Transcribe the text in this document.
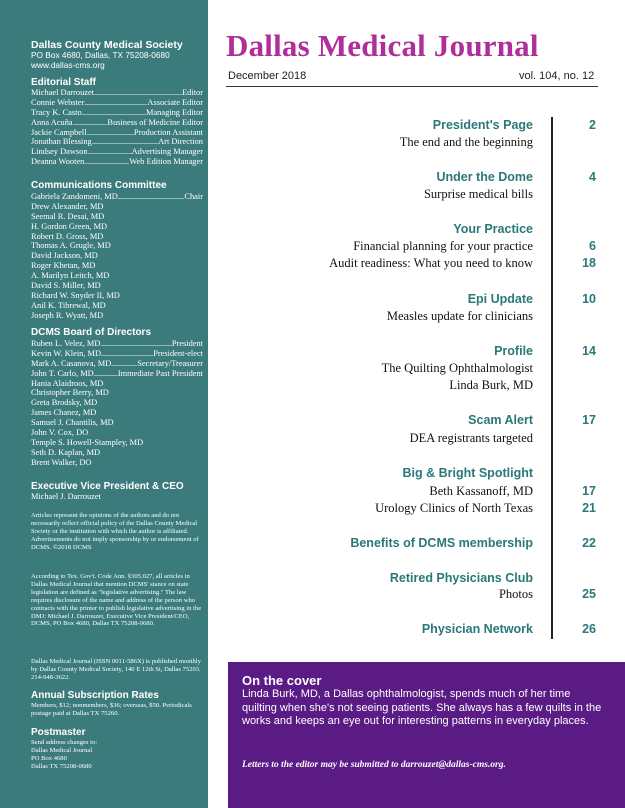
Dallas County Medical Society
PO Box 4680, Dallas, TX 75208-0680
www.dallas-cms.org
Editorial Staff
Michael Darrouzet .....	Editor
Connie Webster .....	Associate Editor
Tracy K. Casto .....	Managing Editor
Anna Acuña .....	Business of Medicine Editor
Jackie Campbell .....	Production Assistant
Jonathan Blessing .....	Art Direction
Lindsey Dawson .....	Advertising Manager
Deanna Wooten .....	Web Edition Manager
Communications Committee
Gabriela Zandomeni, MD .....	Chair
Drew Alexander, MD
Seemal R. Desai, MD
H. Gordon Green, MD
Robert D. Gross, MD
Thomas A. Grugle, MD
David Jackson, MD
Roger Khetan, MD
A. Marilyn Leitch, MD
David S. Miller, MD
Richard W. Snyder II, MD
Anil K. Tibrewal, MD
Joseph R. Wyatt, MD
DCMS Board of Directors
Ruben L. Velez, MD .....	President
Kevin W. Klein, MD .....	President-elect
Mark A. Casanova, MD .....	Secretary/Treasurer
John T. Carlo, MD .....	Immediate Past President
Hania Alaidroos, MD
Christopher Berry, MD
Greta Brodsky, MD
James Chanez, MD
Samuel J. Chantilis, MD
John V. Cox, DO
Temple S. Howell-Stampley, MD
Seth D. Kaplan, MD
Brent Walker, DO
Executive Vice President & CEO
Michael J. Darrouzet

Articles represent the opinions of the authors and do not necessarily reflect official policy of the Dallas County Medical Society or the institution with which the author is affiliated. Advertisements do not imply sponsorship by or endorsement of DCMS. ©2018 DCMS

According to Tex. Gov't. Code Ann. §305.027, all articles in Dallas Medical Journal that mention DCMS' stance on state legislation are defined as "legislative advertising." The law requires disclosure of the name and address of the person who contracts with the printer to publish legislative advertising in the DMJ: Michael J. Darrouzet, Executive Vice President/CEO, DCMS, PO Box 4680, Dallas TX 75208-0680.

Dallas Medical Journal (ISSN 0011-586X) is published monthly by Dallas County Medical Society, 140 E 12th St, Dallas 75203. 214-948-3622.

Annual Subscription Rates

Members, $12; nonmembers, $36; overseas, $50. Periodicals postage paid at Dallas TX 75260.

Postmaster
Send address changes to:
Dallas Medical Journal
PO Box 4680
Dallas TX 75208-0680
Dallas Medical Journal
December 2018	vol. 104, no. 12
President's Page	2
The end and the beginning
Under the Dome	4
Surprise medical bills
Your Practice
Financial planning for your practice	6
Audit readiness: What you need to know	18
Epi Update	10
Measles update for clinicians
Profile	14
The Quilting Ophthalmologist
Linda Burk, MD
Scam Alert	17
DEA registrants targeted
Big & Bright Spotlight
Beth Kassanoff, MD	17
Urology Clinics of North Texas	21
Benefits of DCMS membership	22
Retired Physicians Club
Photos	25
Physician Network	26
On the cover

Linda Burk, MD, a Dallas ophthalmologist, spends much of her time quilting when she's not seeing patients. She always has a few quilts in the works and keeps an eye out for interesting patterns in everyday places.

Letters to the editor may be submitted to darrouzet@dallas-cms.org.
